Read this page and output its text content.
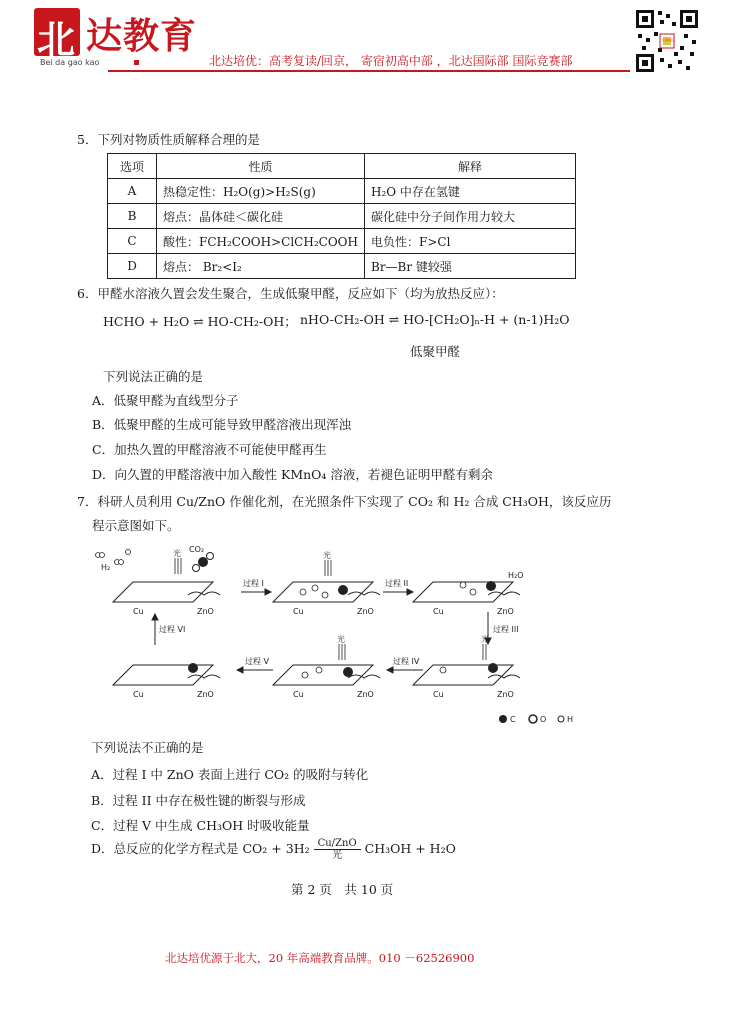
北 达教育
Bei da gao kao	北达培优：高考复读/回京， 寄宿初高中部 ，北达国际部 国际竞赛部
扫码关注
5．下列对物质性质解释合理的是
选项	性质	解释
A	热稳定性：H₂O(g)>H₂S(g)	H₂O 中存在氢键
B	熔点：晶体硅＜碳化硅	碳化硅中分子间作用力较大
C	酸性：FCH₂COOH>ClCH₂COOH	电负性：F>Cl
D	熔点： Br₂<I₂	Br—Br 键较强
6．甲醛水溶液久置会发生聚合，生成低聚甲醛，反应如下（均为放热反应）：
HCHO + H₂O ⇌ HO-CH₂-OH； nHO-CH₂-OH ⇌ HO-[CH₂O]ₙ-H + (n-1)H₂O
低聚甲醛
下列说法正确的是
A．低聚甲醛为直线型分子
B．低聚甲醛的生成可能导致甲醛溶液出现浑浊
C．加热久置的甲醛溶液不可能使甲醛再生
D．向久置的甲醛溶液中加入酸性 KMnO₄ 溶液，若褪色证明甲醛有剩余
7．科研人员利用 Cu/ZnO 作催化剂，在光照条件下实现了 CO₂ 和 H₂ 合成 CH₃OH，该反应历
程示意图如下。
H₂
CO₂
光	光
光	光
H₂O
Cu	ZnO	Cu	ZnO	Cu	ZnO
Cu	ZnO	Cu	ZnO	Cu	ZnO
过程 I	过程 II
过程 III
过程 IV
过程 V
过程 VI
C	O	H
下列说法不正确的是
A．过程 I 中 ZnO 表面上进行 CO₂ 的吸附与转化
B．过程 II 中存在极性键的断裂与形成
C．过程 V 中生成 CH₃OH 时吸收能量
D．总反应的化学方程式是 $CO_2 + 3H_2 \frac{\text{Cu/ZnO}}{\text{光}} CH_3OH + H_2O$
第 2 页　共 10 页
北达培优源于北大，20 年高端教育品牌。010 －62526900
